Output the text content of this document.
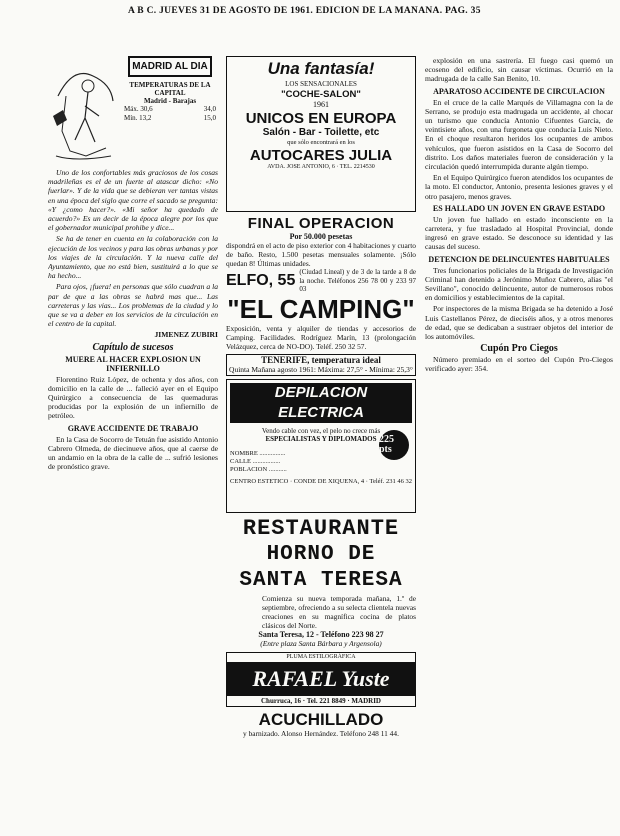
A B C. JUEVES 31 DE AGOSTO DE 1961. EDICION DE LA MAÑANA. PAG. 35
MADRID AL DIA
TEMPERATURAS DE LA CAPITAL
Madrid - Barajas
Máx. 30,6	34,0
Mín. 13,2	15,0

Uno de los confortables más graciosos de los cosas madrileñas es el de un fuerte al atascar dicho: «No fuerlar». Y de la vida que se debieran ver tantas vistas en una época del siglo que corre el sacado se pregunta: «Y ¿como hacer?». «Mi señor ha quedado de acuerdo?» Es un decir de la época alegre por los que el gobernador municipal prohibe y dice...

Se ha de tener en cuenta en la colaboración con la ejecución de los vecinos y para las obras urbanas y por los viajes de la circulación. Y la nueva calle del Ayuntamiento, que no está bien, sustituirá a lo que se ha hecho...

Para ojos, ¡fuera! en personas que sólo cuadran a la par de que a las obras se habrá mas que... Las carreteras y las vias... Los problemas de la ciudad y lo que se va a deber en los servicios de la circulación en el centro de la capital.

JIMENEZ ZUBIRI

Capítulo de sucesos
MUERE AL HACER EXPLOSION UN INFIERNILLO

Florentino Ruiz López, de ochenta y dos años, con domicilio en la calle de ... falleció ayer en el Equipo Quirúrgico a consecuencia de las quemaduras producidas por la explosión de un infiernillo de petróleo.

GRAVE ACCIDENTE DE TRABAJO

En la Casa de Socorro de Tetuán fue asistido Antonio Cabrero Olmeda, de diecinueve años, que al caerse de un andamio en la obra de la calle de ... sufrió lesiones de pronóstico grave.

Una fantasía!
LOS SENSACIONALES
"COCHE-SALON"
1961
UNICOS EN EUROPA
Salón - Bar - Toilette, etc
que sólo encontrará en los
AUTOCARES JULIA
AVDA. JOSE ANTONIO, 6 · TEL. 2214530
FINAL OPERACION
Por 50.000 pesetas
dispondrá en el acto de piso exterior con 4 habitaciones y cuarto de baño. Resto, 1.500 pesetas mensuales solamente. ¡Sólo quedan 8! Últimas unidades.
ELFO, 55
(Ciudad Lineal) y de 3 de la tarde a 8 de la noche. Teléfonos 256 78 00 y 233 97 03
"EL CAMPING"
Exposición, venta y alquiler de tiendas y accesorios de Camping. Facilidades. Rodríguez Marín, 13 (prolongación Velázquez, cerca de NO-DO). Teléf. 250 32 57.
TENERIFE, temperatura ideal
Quinta Mañana agosto 1961: Máxima: 27,5° - Mínima: 25,3°
DEPILACION ELECTRICA
Vendo cable con vez, el pelo no crece más
ESPECIALISTAS Y DIPLOMADOS 225 pts
NOMBRE ................
CALLE .................
POBLACION ...........
CENTRO ESTETICO · CONDE DE XIQUENA, 4 · Teléf. 231 46 32
RESTAURANTE
HORNO DE SANTA TERESA
Comienza su nueva temporada mañana, 1.º de septiembre, ofreciendo a su selecta clientela nuevas creaciones en su magnífica cocina de platos clásicos del Norte.
Santa Teresa, 12 - Teléfono 223 98 27
(Entre plaza Santa Bárbara y Argensola)
PLUMA ESTILOGRÁFICA
RAFAEL Yuste
Churruca, 16 · Tel. 221 8849 · MADRID
ACUCHILLADO
y barnizado. Alonso Hernández. Teléfono 248 11 44.

explosión en una sastrería. El fuego casi quemó un ecoseno del edificio, sin causar víctimas. Ocurrió en la madrugada de la calle San Benito, 10.

APARATOSO ACCIDENTE DE CIRCULACION

En el cruce de la calle Marqués de Villamagna con la de Serrano, se produjo esta madrugada un accidente, al chocar un turismo que conducía Antonio Cifuentes García, de veintisiete años, con una furgoneta que conducía Luis Nieto. En el choque resultaron heridos los ocupantes de ambos vehículos, que fueron asistidos en la Casa de Socorro del distrito. Los daños materiales fueron de consideración y la circulación quedó interrumpida durante algún tiempo.

En el Equipo Quirúrgico fueron atendidos los ocupantes de la moto. El conductor, Antonio, presenta lesiones graves y el otro pasajero, menos graves.

ES HALLADO UN JOVEN EN GRAVE ESTADO

Un joven fue hallado en estado inconsciente en la carretera, y fue trasladado al Hospital Provincial, donde ingresó en grave estado. Se desconoce su identidad y las causas del suceso.

DETENCION DE DELINCUENTES HABITUALES

Tres funcionarios policiales de la Brigada de Investigación Criminal han detenido a Jerónimo Muñoz Cabrero, alias "el Sevillano", conocido delincuente, autor de numerosos robos en domicilios y establecimientos de la capital.

Por inspectores de la misma Brigada se ha detenido a José Luis Castellanos Pérez, de dieciséis años, y a otros menores de edad, que se dedicaban a sustraer objetos del interior de los automóviles.

Cupón Pro Ciegos

Número premiado en el sorteo del Cupón Pro-Ciegos verificado ayer: 354.
